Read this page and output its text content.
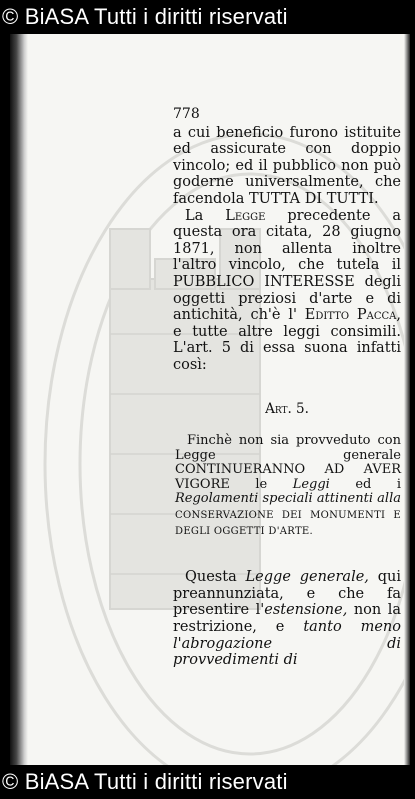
© BiASA Tutti i diritti riservati
778

a cui beneficio furono istituite ed assicurate con doppio vincolo; ed il pubblico non può goderne universalmente, che facendola TUTTA DI TUTTI.

La Legge precedente a questa ora citata, 28 giugno 1871, non allenta inoltre l'altro vincolo, che tutela il PUBBLICO INTERESSE degli oggetti preziosi d'arte e di antichità, ch'è l' Editto Pacca, e tutte altre leggi consimili. L'art. 5 di essa suona infatti così:

Art. 5.

Finchè non sia provveduto con Legge generale CONTINUERANNO AD AVER VIGORE le Leggi ed i Regolamenti speciali attinenti alla CONSERVAZIONE DEI MONUMENTI E DEGLI OGGETTI D'ARTE.

Questa Legge generale, qui preannunziata, e che fa presentire l'estensione, non la restrizione, e tanto meno l'abrogazione di provvedimenti di

© BiASA Tutti i diritti riservati
